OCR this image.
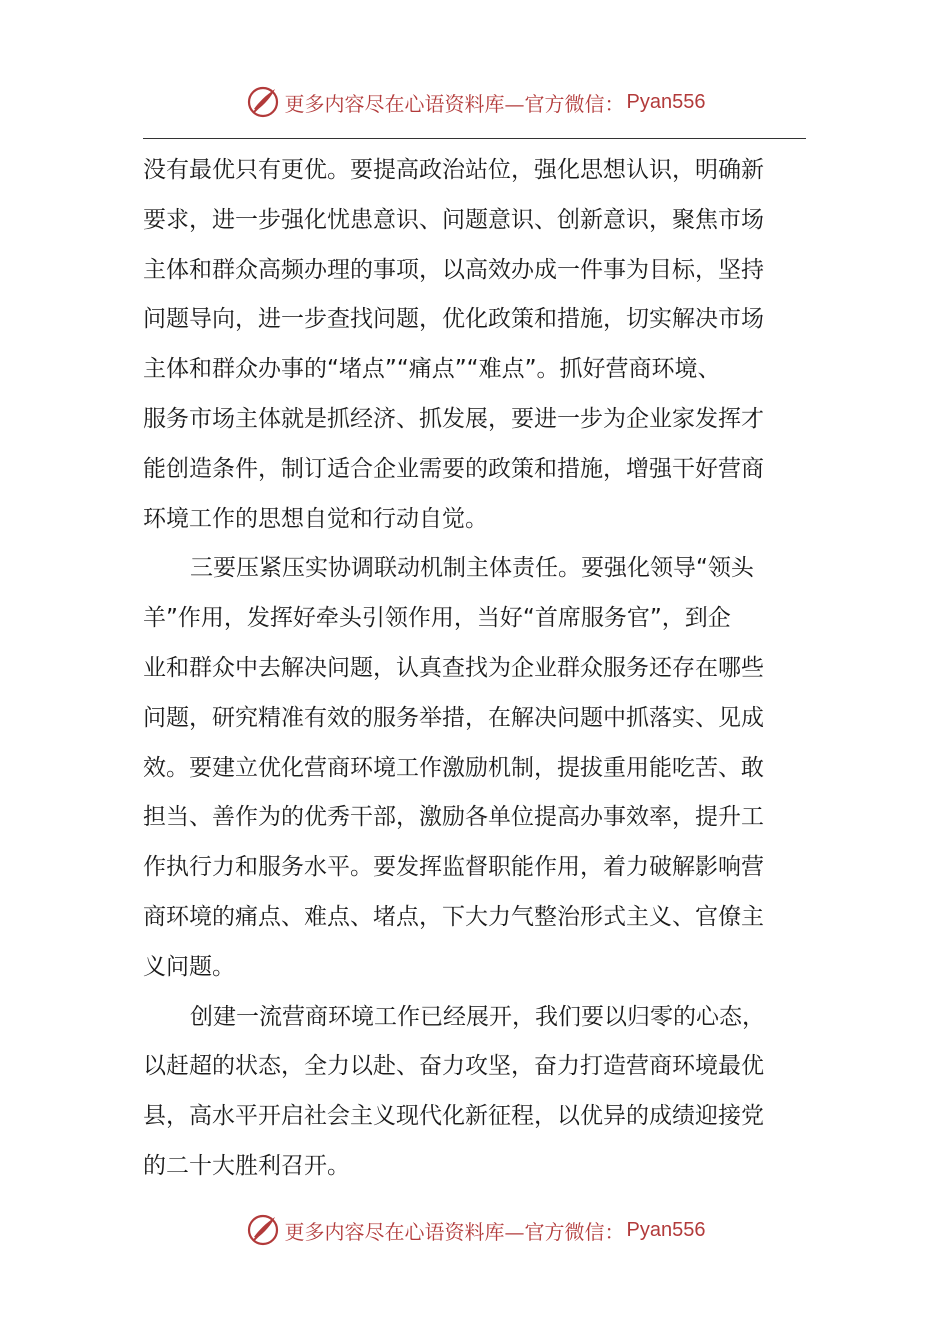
更多内容尽在心语资料库—官方微信： Pyan556

没有最优只有更优。要提高政治站位，强化思想认识，明确新
要求，进一步强化忧患意识、问题意识、创新意识，聚焦市场
主体和群众高频办理的事项，以高效办成一件事为目标，坚持
问题导向，进一步查找问题，优化政策和措施，切实解决市场
主体和群众办事的“堵点”“痛点”“难点”。抓好营商环境、
服务市场主体就是抓经济、抓发展，要进一步为企业家发挥才
能创造条件，制订适合企业需要的政策和措施，增强干好营商
环境工作的思想自觉和行动自觉。

三要压紧压实协调联动机制主体责任。要强化领导“领头
羊”作用，发挥好牵头引领作用，当好“首席服务官”，到企
业和群众中去解决问题，认真查找为企业群众服务还存在哪些
问题，研究精准有效的服务举措，在解决问题中抓落实、见成
效。要建立优化营商环境工作激励机制，提拔重用能吃苦、敢
担当、善作为的优秀干部，激励各单位提高办事效率，提升工
作执行力和服务水平。要发挥监督职能作用，着力破解影响营
商环境的痛点、难点、堵点，下大力气整治形式主义、官僚主
义问题。

创建一流营商环境工作已经展开，我们要以归零的心态，
以赶超的状态，全力以赴、奋力攻坚，奋力打造营商环境最优
县，高水平开启社会主义现代化新征程，以优异的成绩迎接党
的二十大胜利召开。

更多内容尽在心语资料库—官方微信： Pyan556
